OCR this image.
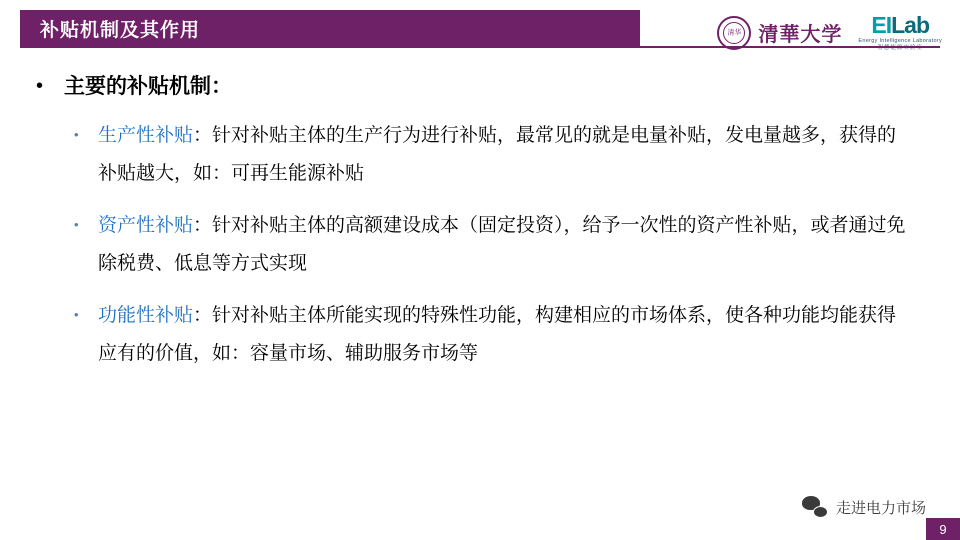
补贴机制及其作用	清华 清華大学 EILab
Energy Intelligence Laboratory
• 主要的补贴机制：
•	生产性补贴：针对补贴主体的生产行为进行补贴，最常见的就是电量补贴，发电量越多，获得的补贴越大，如：可再生能源补贴
•	资产性补贴：针对补贴主体的高额建设成本（固定投资），给予一次性的资产性补贴，或者通过免除税费、低息等方式实现
•	功能性补贴：针对补贴主体所能实现的特殊性功能，构建相应的市场体系，使各种功能均能获得应有的价值，如：容量市场、辅助服务市场等
走进电力市场
9
